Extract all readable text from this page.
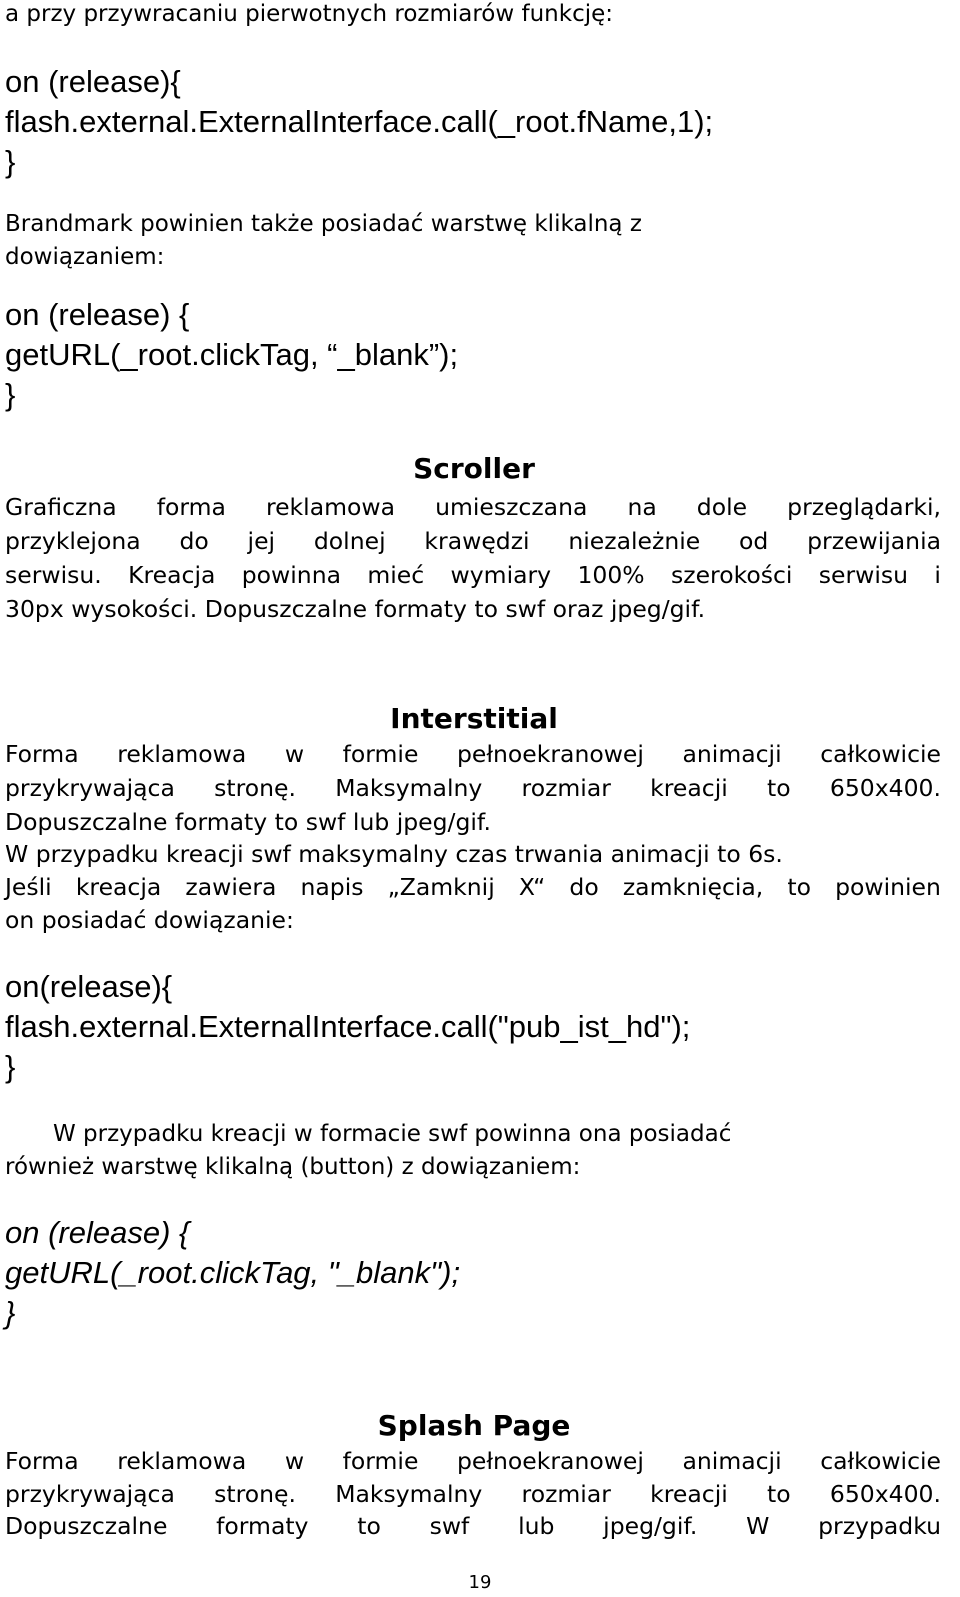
a przy przywracaniu pierwotnych rozmiarów funkcję:
on (release){
flash.external.ExternalInterface.call(_root.fName,1);
}
Brandmark powinien także posiadać warstwę klikalną z
dowiązaniem:
on (release) {
getURL(_root.clickTag, “_blank”);
}
Scroller
Graficzna forma reklamowa umieszczana na dole przeglądarki,
przyklejona do jej dolnej krawędzi niezależnie od przewijania
serwisu. Kreacja powinna mieć wymiary 100% szerokości serwisu i
30px wysokości. Dopuszczalne formaty to swf oraz jpeg/gif.
Interstitial
Forma reklamowa w formie pełnoekranowej animacji całkowicie
przykrywająca stronę. Maksymalny rozmiar kreacji to 650x400.
Dopuszczalne formaty to swf lub jpeg/gif.
W przypadku kreacji swf maksymalny czas trwania animacji to 6s.
Jeśli kreacja zawiera napis „Zamknij X“ do zamknięcia, to powinien
on posiadać dowiązanie:
on(release){
flash.external.ExternalInterface.call("pub_ist_hd");
}
W przypadku kreacji w formacie swf powinna ona posiadać
również warstwę klikalną (button) z dowiązaniem:
on (release) {
getURL(_root.clickTag, "_blank");
}
Splash Page
Forma reklamowa w formie pełnoekranowej animacji całkowicie
przykrywająca stronę. Maksymalny rozmiar kreacji to 650x400.
Dopuszczalne formaty to swf lub jpeg/gif. W przypadku
19
